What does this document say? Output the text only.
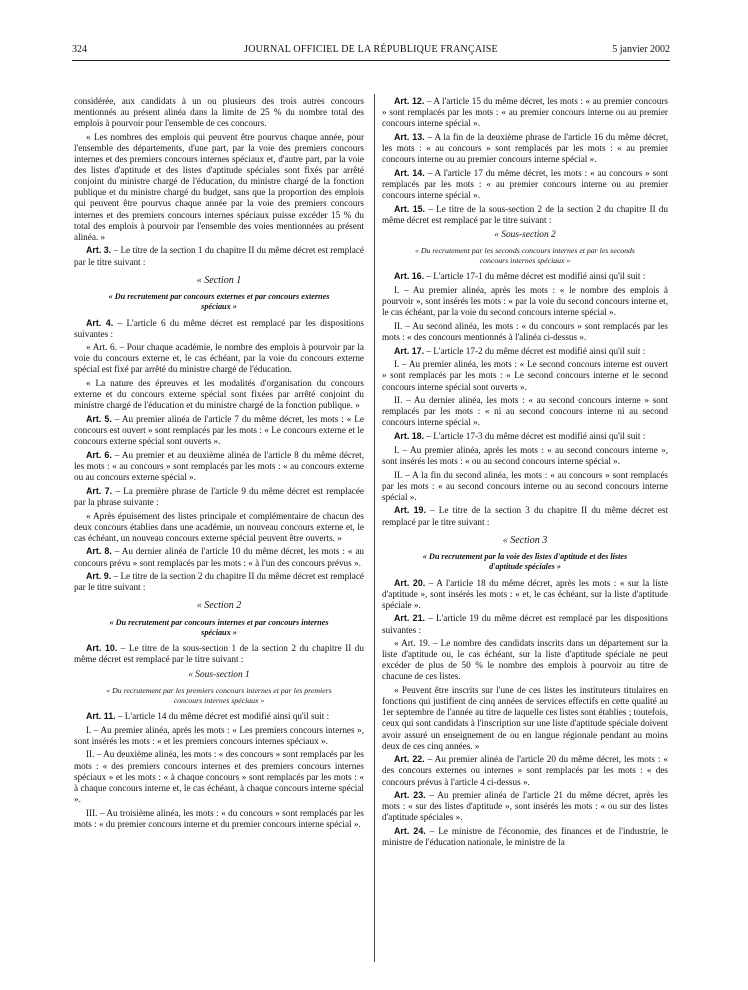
324	JOURNAL OFFICIEL DE LA RÉPUBLIQUE FRANÇAISE	5 janvier 2002

considérée, aux candidats à un ou plusieurs des trois autres concours mentionnés au présent alinéa dans la limite de 25 % du nombre total des emplois à pourvoir pour l'ensemble de ces concours.

« Les nombres des emplois qui peuvent être pourvus chaque année, pour l'ensemble des départements, d'une part, par la voie des premiers concours internes et des premiers concours internes spéciaux et, d'autre part, par la voie des listes d'aptitude et des listes d'aptitude spéciales sont fixés par arrêté conjoint du ministre chargé de l'éducation, du ministre chargé de la fonction publique et du ministre chargé du budget, sans que la proportion des emplois qui peuvent être pourvus chaque année par la voie des premiers concours internes et des premiers concours internes spéciaux puisse excéder 15 % du total des emplois à pourvoir par l'ensemble des voies mentionnées au présent alinéa. »

Art. 3. – Le titre de la section 1 du chapitre II du même décret est remplacé par le titre suivant :

« Section 1

« Du recrutement par concours externes et par concours externes spéciaux »

Art. 4. – L'article 6 du même décret est remplacé par les dispositions suivantes :

« Art. 6. – Pour chaque académie, le nombre des emplois à pourvoir par la voie du concours externe et, le cas échéant, par la voie du concours externe spécial est fixé par arrêté du ministre chargé de l'éducation.

« La nature des épreuves et les modalités d'organisation du concours externe et du concours externe spécial sont fixées par arrêté conjoint du ministre chargé de l'éducation et du ministre chargé de la fonction publique. »

Art. 5. – Au premier alinéa de l'article 7 du même décret, les mots : « Le concours est ouvert » sont remplacés par les mots : « Le concours externe et le concours externe spécial sont ouverts ».

Art. 6. – Au premier et au deuxième alinéa de l'article 8 du même décret, les mots : « au concours » sont remplacés par les mots : « au concours externe ou au concours externe spécial ».

Art. 7. – La première phrase de l'article 9 du même décret est remplacée par la phrase suivante :

« Après épuisement des listes principale et complémentaire de chacun des deux concours établies dans une académie, un nouveau concours externe et, le cas échéant, un nouveau concours externe spécial peuvent être ouverts. »

Art. 8. – Au dernier alinéa de l'article 10 du même décret, les mots : « au concours prévu » sont remplacés par les mots : « à l'un des concours prévus ».

Art. 9. – Le titre de la section 2 du chapitre II du même décret est remplacé par le titre suivant :

« Section 2

« Du recrutement par concours internes et par concours internes spéciaux »

Art. 10. – Le titre de la sous-section 1 de la section 2 du chapitre II du même décret est remplacé par le titre suivant :

« Sous-section 1

« Du recrutement par les premiers concours internes et par les premiers concours internes spéciaux »

Art. 11. – L'article 14 du même décret est modifié ainsi qu'il suit :

I. – Au premier alinéa, après les mots : « Les premiers concours internes », sont insérés les mots : « et les premiers concours internes spéciaux ».

II. – Au deuxième alinéa, les mots : « des concours » sont remplacés par les mots : « des premiers concours internes et des premiers concours internes spéciaux » et les mots : « à chaque concours » sont remplacés par les mots : « à chaque concours interne et, le cas échéant, à chaque concours interne spécial ».

III. – Au troisième alinéa, les mots : « du concours » sont remplacés par les mots : « du premier concours interne et du premier concours interne spécial ».

Art. 12. – A l'article 15 du même décret, les mots : « au premier concours » sont remplacés par les mots : « au premier concours interne ou au premier concours interne spécial ».

Art. 13. – A la fin de la deuxième phrase de l'article 16 du même décret, les mots : « au concours » sont remplacés par les mots : « au premier concours interne ou au premier concours interne spécial ».

Art. 14. – A l'article 17 du même décret, les mots : « au concours » sont remplacés par les mots : « au premier concours interne ou au premier concours interne spécial ».

Art. 15. – Le titre de la sous-section 2 de la section 2 du chapitre II du même décret est remplacé par le titre suivant :

« Sous-section 2

« Du recrutement par les seconds concours internes et par les seconds concours internes spéciaux »

Art. 16. – L'article 17-1 du même décret est modifié ainsi qu'il suit :

I. – Au premier alinéa, après les mots : « le nombre des emplois à pourvoir », sont insérés les mots : « par la voie du second concours interne et, le cas échéant, par la voie du second concours interne spécial ».

II. – Au second alinéa, les mots : « du concours » sont remplacés par les mots : « des concours mentionnés à l'alinéa ci-dessus ».

Art. 17. – L'article 17-2 du même décret est modifié ainsi qu'il suit :

I. – Au premier alinéa, les mots : « Le second concours interne est ouvert » sont remplacés par les mots : « Le second concours interne et le second concours interne spécial sont ouverts ».

II. – Au dernier alinéa, les mots : « au second concours interne » sont remplacés par les mots : « ni au second concours interne ni au second concours interne spécial ».

Art. 18. – L'article 17-3 du même décret est modifié ainsi qu'il suit :

I. – Au premier alinéa, après les mots : « au second concours interne », sont insérés les mots : « ou au second concours interne spécial ».

II. – A la fin du second alinéa, les mots : « au concours » sont remplacés par les mots : « au second concours interne ou au second concours interne spécial ».

Art. 19. – Le titre de la section 3 du chapitre II du même décret est remplacé par le titre suivant :

« Section 3

« Du recrutement par la voie des listes d'aptitude et des listes d'aptitude spéciales »

Art. 20. – A l'article 18 du même décret, après les mots : « sur la liste d'aptitude », sont insérés les mots : « et, le cas échéant, sur la liste d'aptitude spéciale ».

Art. 21. – L'article 19 du même décret est remplacé par les dispositions suivantes :

« Art. 19. – Le nombre des candidats inscrits dans un département sur la liste d'aptitude ou, le cas échéant, sur la liste d'aptitude spéciale ne peut excéder de plus de 50 % le nombre des emplois à pourvoir au titre de chacune de ces listes.

« Peuvent être inscrits sur l'une de ces listes les instituteurs titulaires en fonctions qui justifient de cinq années de services effectifs en cette qualité au 1er septembre de l'année au titre de laquelle ces listes sont établies ; toutefois, ceux qui sont candidats à l'inscription sur une liste d'aptitude spéciale doivent avoir assuré un enseignement de ou en langue régionale pendant au moins deux de ces cinq années. »

Art. 22. – Au premier alinéa de l'article 20 du même décret, les mots : « des concours externes ou internes » sont remplacés par les mots : « des concours prévus à l'article 4 ci-dessus ».

Art. 23. – Au premier alinéa de l'article 21 du même décret, après les mots : « sur des listes d'aptitude », sont insérés les mots : « ou sur des listes d'aptitude spéciales ».

Art. 24. – Le ministre de l'économie, des finances et de l'industrie, le ministre de l'éducation nationale, le ministre de la
